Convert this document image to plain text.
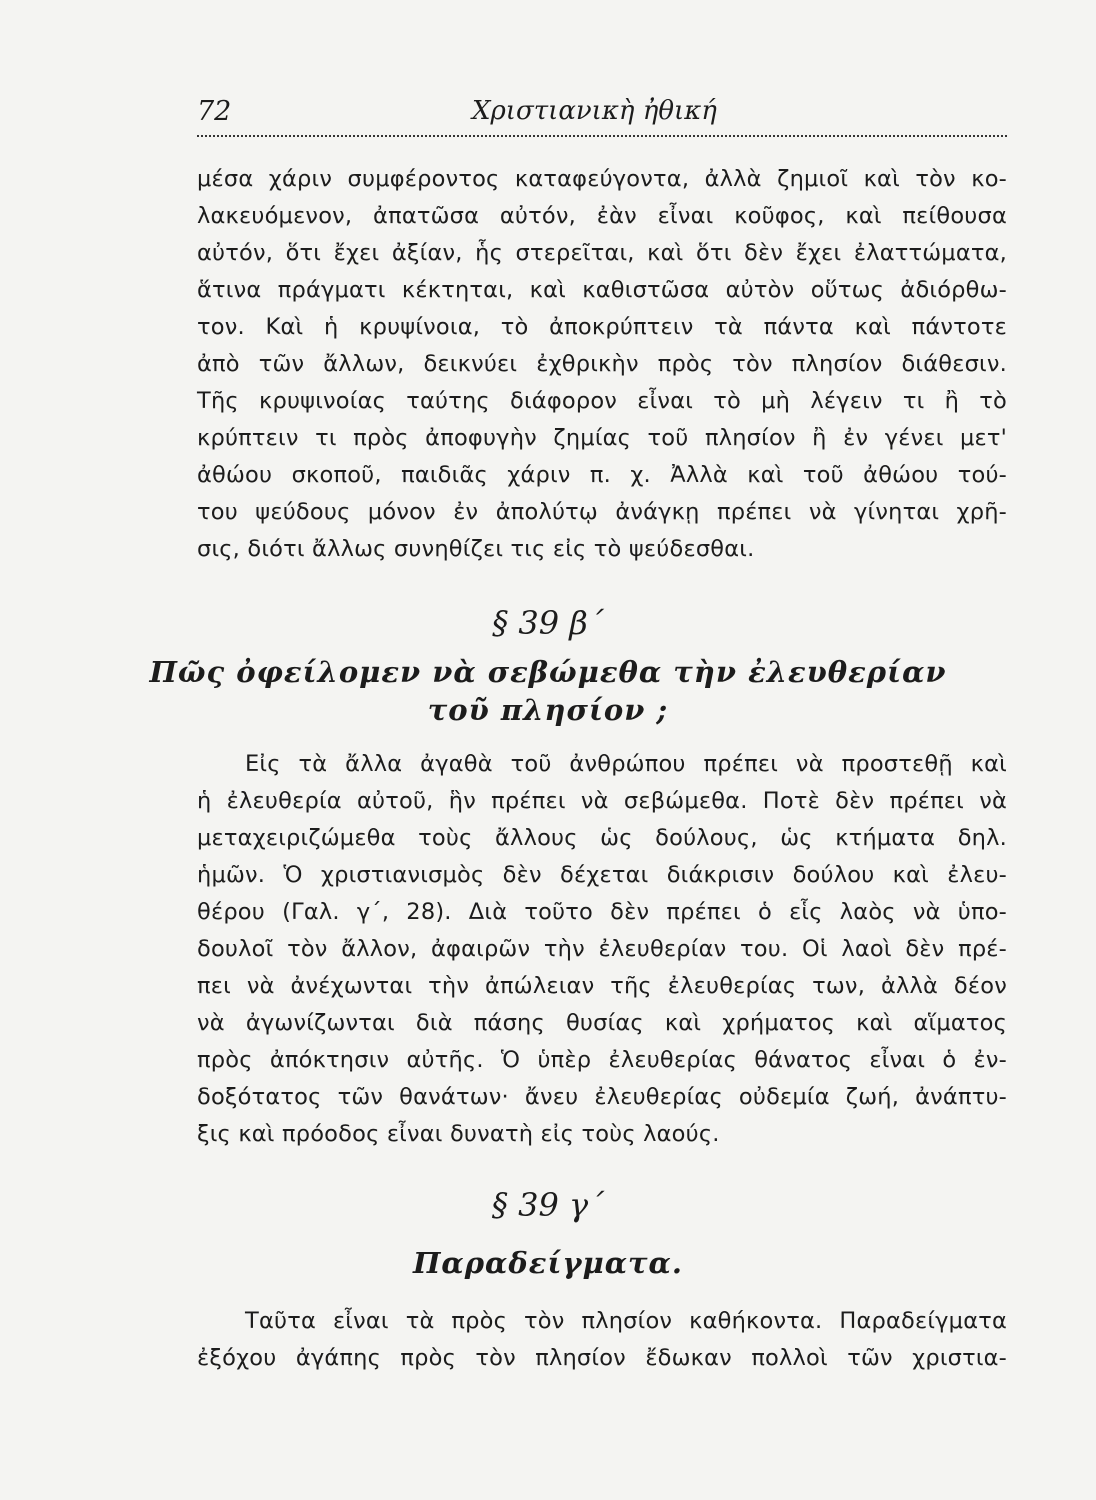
72	Χριστιανικὴ ἠθική
μέσα χάριν συμφέροντος καταφεύγοντα, ἀλλὰ ζημιοῖ καὶ τὸν κο-
λακευόμενον, ἀπατῶσα αὐτόν, ἐὰν εἶναι κοῦφος, καὶ πείθουσα
αὐτόν, ὅτι ἔχει ἀξίαν, ἧς στερεῖται, καὶ ὅτι δὲν ἔχει ἐλαττώματα,
ἅτινα πράγματι κέκτηται, καὶ καθιστῶσα αὐτὸν οὕτως ἀδιόρθω-
τον. Καὶ ἡ κρυψίνοια, τὸ ἀποκρύπτειν τὰ πάντα καὶ πάντοτε
ἀπὸ τῶν ἄλλων, δεικνύει ἐχθρικὴν πρὸς τὸν πλησίον διάθεσιν.
Τῆς κρυψινοίας ταύτης διάφορον εἶναι τὸ μὴ λέγειν τι ἢ τὸ
κρύπτειν τι πρὸς ἀποφυγὴν ζημίας τοῦ πλησίον ἢ ἐν γένει μετ'
ἀθώου σκοποῦ, παιδιᾶς χάριν π. χ. Ἀλλὰ καὶ τοῦ ἀθώου τού-
του ψεύδους μόνον ἐν ἀπολύτῳ ἀνάγκῃ πρέπει νὰ γίνηται χρῆ-
σις, διότι ἄλλως συνηθίζει τις εἰς τὸ ψεύδεσθαι.
§ 39 β΄
Πῶς ὀφείλομεν νὰ σεβώμεθα τὴν ἐλευθερίαν
τοῦ πλησίον ;
Εἰς τὰ ἄλλα ἀγαθὰ τοῦ ἀνθρώπου πρέπει νὰ προστεθῇ καὶ
ἡ ἐλευθερία αὐτοῦ, ἣν πρέπει νὰ σεβώμεθα. Ποτὲ δὲν πρέπει νὰ
μεταχειριζώμεθα τοὺς ἄλλους ὡς δούλους, ὡς κτήματα δηλ.
ἡμῶν. Ὁ χριστιανισμὸς δὲν δέχεται διάκρισιν δούλου καὶ ἐλευ-
θέρου (Γαλ. γ΄, 28). Διὰ τοῦτο δὲν πρέπει ὁ εἷς λαὸς νὰ ὑπο-
δουλοῖ τὸν ἄλλον, ἀφαιρῶν τὴν ἐλευθερίαν του. Οἱ λαοὶ δὲν πρέ-
πει νὰ ἀνέχωνται τὴν ἀπώλειαν τῆς ἐλευθερίας των, ἀλλὰ δέον
νὰ ἀγωνίζωνται διὰ πάσης θυσίας καὶ χρήματος καὶ αἵματος
πρὸς ἀπόκτησιν αὐτῆς. Ὁ ὑπὲρ ἐλευθερίας θάνατος εἶναι ὁ ἐν-
δοξότατος τῶν θανάτων· ἄνευ ἐλευθερίας οὐδεμία ζωή, ἀνάπτυ-
ξις καὶ πρόοδος εἶναι δυνατὴ εἰς τοὺς λαούς.
§ 39 γ΄
Παραδείγματα.
Ταῦτα εἶναι τὰ πρὸς τὸν πλησίον καθήκοντα. Παραδείγματα
ἐξόχου ἀγάπης πρὸς τὸν πλησίον ἔδωκαν πολλοὶ τῶν χριστια-
